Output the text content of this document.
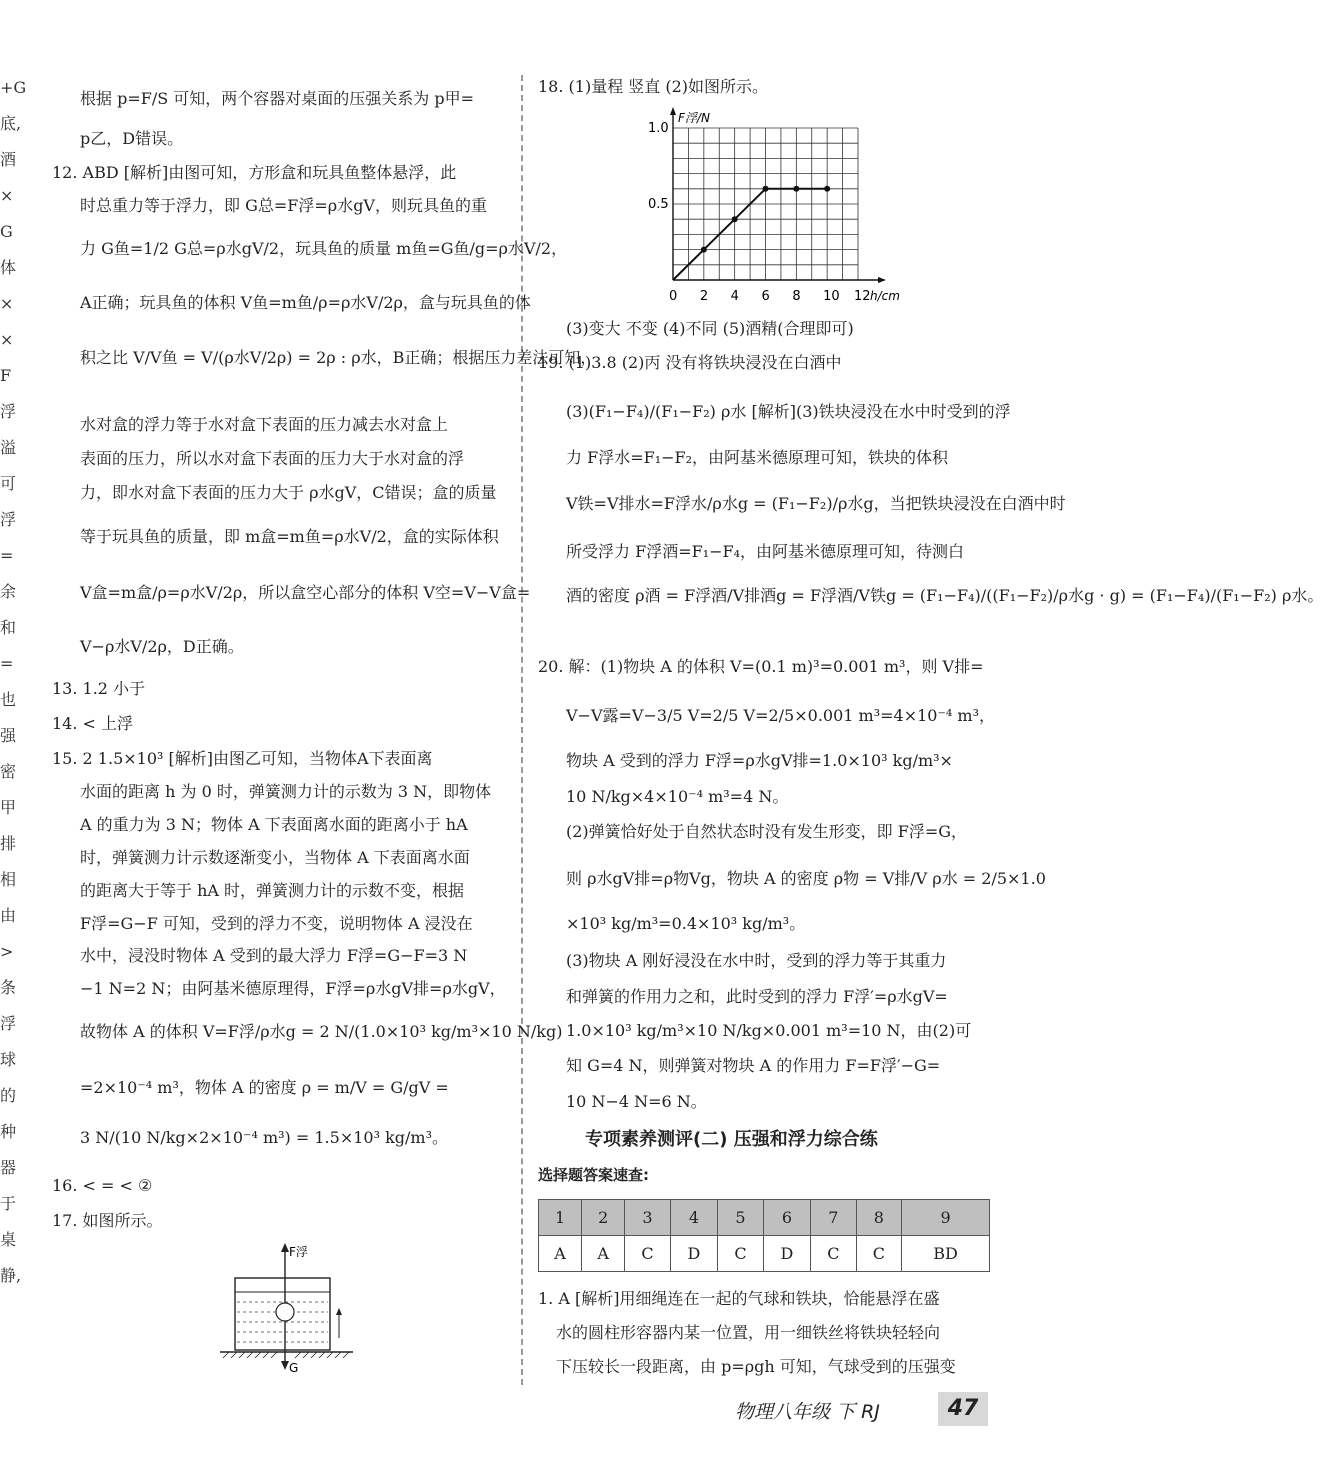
+G
底,
酒
×
G
体
×
×
F浮
溢
可
浮
=
余
和
=
也
强
密
甲
排
相
由
>
条
浮
球
的
种
器
于
桌
静,
根据 p=F/S 可知，两个容器对桌面的压强关系为 p甲=
p乙，D错误。
12. ABD [解析]由图可知，方形盒和玩具鱼整体悬浮，此
时总重力等于浮力，即 G总=F浮=ρ水gV，则玩具鱼的重
力 G鱼=1/2 G总=ρ水gV/2，玩具鱼的质量 m鱼=G鱼/g=ρ水V/2，
A正确；玩具鱼的体积 V鱼=m鱼/ρ=ρ水V/2ρ，盒与玩具鱼的体
积之比 V/V鱼 = V/(ρ水V/2ρ) = 2ρ : ρ水，B正确；根据压力差法可知，
水对盒的浮力等于水对盒下表面的压力减去水对盒上
表面的压力，所以水对盒下表面的压力大于水对盒的浮
力，即水对盒下表面的压力大于 ρ水gV，C错误；盒的质量
等于玩具鱼的质量，即 m盒=m鱼=ρ水V/2，盒的实际体积
V盒=m盒/ρ=ρ水V/2ρ，所以盒空心部分的体积 V空=V−V盒=
V−ρ水V/2ρ，D正确。
13. 1.2 小于
14. < 上浮
15. 2 1.5×10³ [解析]由图乙可知，当物体A下表面离
水面的距离 h 为 0 时，弹簧测力计的示数为 3 N，即物体
A 的重力为 3 N；物体 A 下表面离水面的距离小于 hA
时，弹簧测力计示数逐渐变小，当物体 A 下表面离水面
的距离大于等于 hA 时，弹簧测力计的示数不变，根据
F浮=G−F 可知，受到的浮力不变，说明物体 A 浸没在
水中，浸没时物体 A 受到的最大浮力 F浮=G−F=3 N
−1 N=2 N；由阿基米德原理得，F浮=ρ水gV排=ρ水gV，
故物体 A 的体积 V=F浮/ρ水g = 2 N/(1.0×10³ kg/m³×10 N/kg)
=2×10⁻⁴ m³，物体 A 的密度 ρ = m/V = G/gV =
3 N/(10 N/kg×2×10⁻⁴ m³) = 1.5×10³ kg/m³。
16. < = < ②
17. 如图所示。
F浮
G
18. (1)量程 竖直 (2)如图所示。
(3)变大 不变 (4)不同 (5)酒精(合理即可)
19. (1)3.8 (2)丙 没有将铁块浸没在白酒中
(3)(F₁−F₄)/(F₁−F₂) ρ水 [解析](3)铁块浸没在水中时受到的浮
力 F浮水=F₁−F₂，由阿基米德原理可知，铁块的体积
V铁=V排水=F浮水/ρ水g = (F₁−F₂)/ρ水g，当把铁块浸没在白酒中时
所受浮力 F浮酒=F₁−F₄，由阿基米德原理可知，待测白
酒的密度 ρ酒 = F浮酒/V排酒g = F浮酒/V铁g = (F₁−F₄)/((F₁−F₂)/ρ水g · g) = (F₁−F₄)/(F₁−F₂) ρ水。
20. 解：(1)物块 A 的体积 V=(0.1 m)³=0.001 m³，则 V排=
V−V露=V−3/5 V=2/5 V=2/5×0.001 m³=4×10⁻⁴ m³，
物块 A 受到的浮力 F浮=ρ水gV排=1.0×10³ kg/m³×
10 N/kg×4×10⁻⁴ m³=4 N。
(2)弹簧恰好处于自然状态时没有发生形变，即 F浮=G，
则 ρ水gV排=ρ物Vg，物块 A 的密度 ρ物 = V排/V ρ水 = 2/5×1.0
×10³ kg/m³=0.4×10³ kg/m³。
(3)物块 A 刚好浸没在水中时，受到的浮力等于其重力
和弹簧的作用力之和，此时受到的浮力 F浮′=ρ水gV=
1.0×10³ kg/m³×10 N/kg×0.001 m³=10 N，由(2)可
知 G=4 N，则弹簧对物块 A 的作用力 F=F浮′−G=
10 N−4 N=6 N。
0 2 4 6 8 10 12
0.5
1.0
h/cm
F浮/N
专项素养测评(二) 压强和浮力综合练
选择题答案速查:
1	2	3	4	5	6	7	8	9
A	A	C	D	C	D	C	C	BD
1. A [解析]用细绳连在一起的气球和铁块，恰能悬浮在盛
水的圆柱形容器内某一位置，用一细铁丝将铁块轻轻向
下压较长一段距离，由 p=ρgh 可知，气球受到的压强变
物理八年级 下 RJ	47
